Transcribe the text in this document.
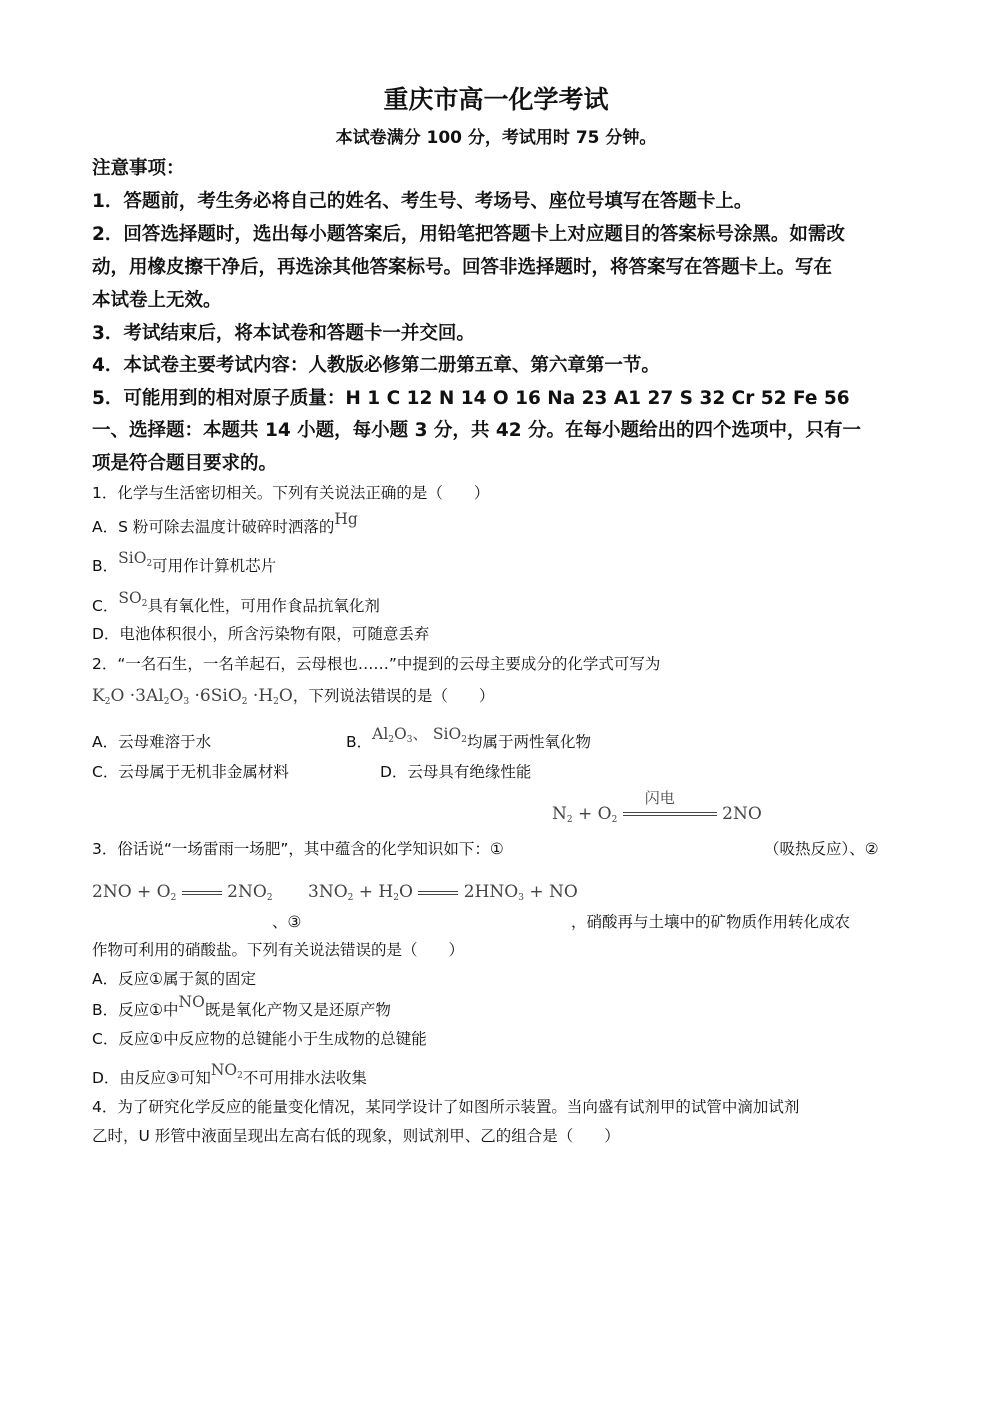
重庆市高一化学考试
本试卷满分 100 分，考试用时 75 分钟。
注意事项：
1．答题前，考生务必将自己的姓名、考生号、考场号、座位号填写在答题卡上。
2．回答选择题时，选出每小题答案后，用铅笔把答题卡上对应题目的答案标号涂黑。如需改
动，用橡皮擦干净后，再选涂其他答案标号。回答非选择题时，将答案写在答题卡上。写在
本试卷上无效。
3．考试结束后，将本试卷和答题卡一并交回。
4．本试卷主要考试内容：人教版必修第二册第五章、第六章第一节。
5．可能用到的相对原子质量：H 1 C 12 N 14 O 16 Na 23 A1 27 S 32 Cr 52 Fe 56
一、选择题：本题共 14 小题，每小题 3 分，共 42 分。在每小题给出的四个选项中，只有一
项是符合题目要求的。
1．化学与生活密切相关。下列有关说法正确的是（　　）
A．S 粉可除去温度计破碎时洒落的Hg
B．SiO$_2$可用作计算机芯片
C．$SO_2$具有氧化性，可用作食品抗氧化剂
D．电池体积很小，所含污染物有限，可随意丢弃
2．“一名石生，一名羊起石，云母根也……”中提到的云母主要成分的化学式可写为
$K_2O \cdot 3Al_2O_3 \cdot 6SiO_2 \cdot H_2O$，下列说法错误的是（　　）
A．云母难溶于水	B．$Al_2O_3$、 SiO$_2$均属于两性氧化物
C．云母属于无机非金属材料	D．云母具有绝缘性能
$N_2 + O_2$
闪电
2NO
3．俗话说“一场雷雨一场肥”，其中蕴含的化学知识如下：①	（吸热反应）、②
$2NO + O_2$	$2NO_2$ $3NO_2 + H_2O$  $2HNO_3$ + NO
、③	，硝酸再与土壤中的矿物质作用转化成农
作物可利用的硝酸盐。下列有关说法错误的是（　　）
A．反应①属于氮的固定
B．反应①中NO既是氧化产物又是还原产物
C．反应①中反应物的总键能小于生成物的总键能
D．由反应③可知$NO_2$不可用排水法收集
4．为了研究化学反应的能量变化情况，某同学设计了如图所示装置。当向盛有试剂甲的试管中滴加试剂
乙时，U 形管中液面呈现出左高右低的现象，则试剂甲、乙的组合是（　　）
